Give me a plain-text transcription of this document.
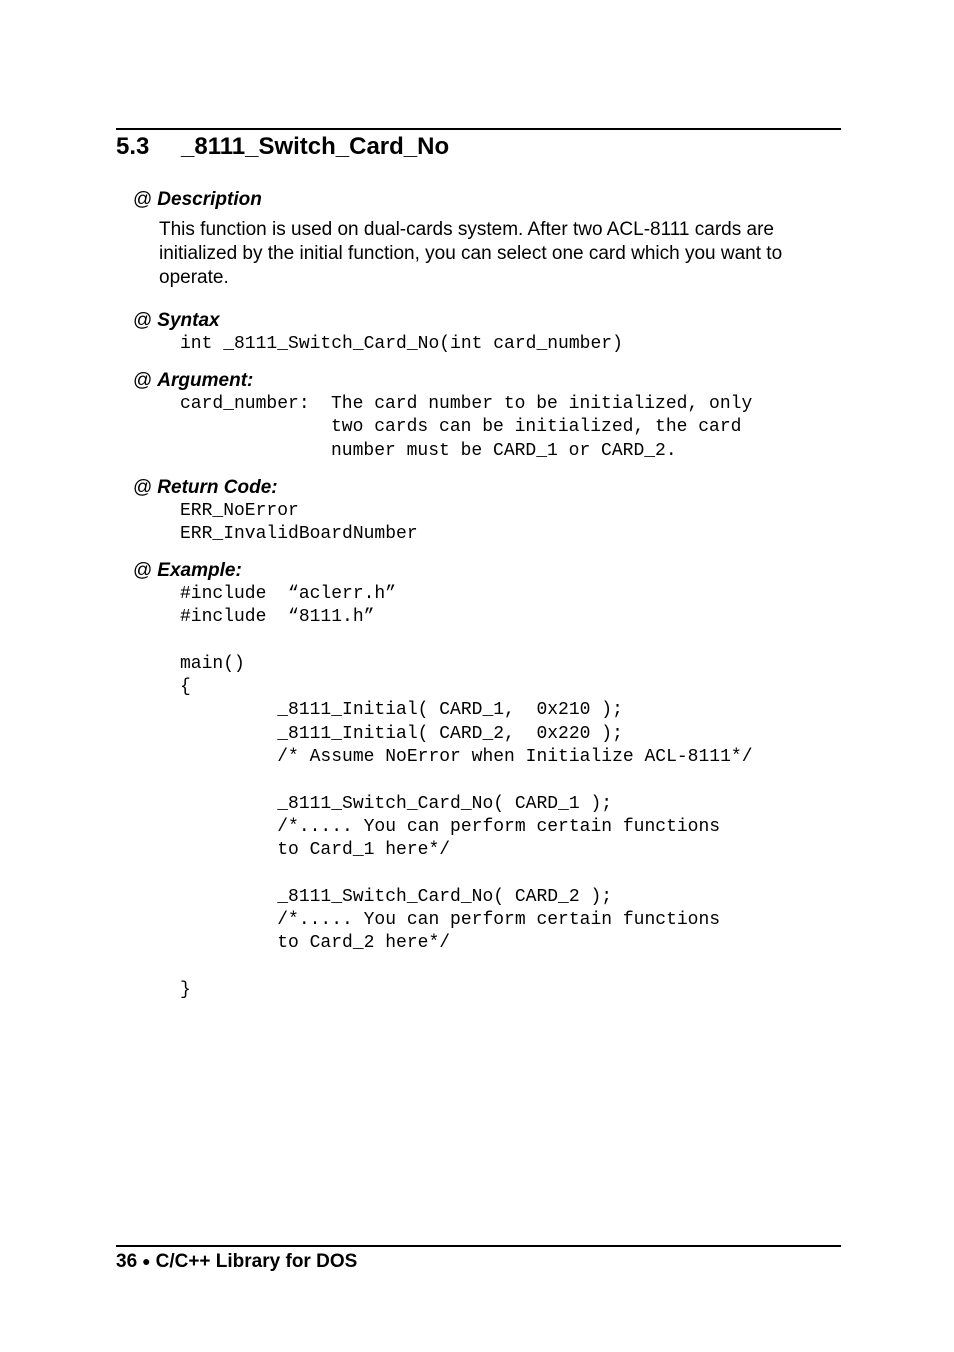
5.3 _8111_Switch_Card_No
@ Description
This function is used on dual-cards system. After two ACL-8111 cards are
initialized by the initial function, you can select one card which you want to
operate.
@ Syntax
int _8111_Switch_Card_No(int card_number)
@ Argument:
card_number: The card number to be initialized, only
two cards can be initialized, the card
number must be CARD_1 or CARD_2.
@ Return Code:
ERR_NoError
ERR_InvalidBoardNumber
@ Example:
#include  “aclerr.h”
#include  “8111.h”

main()
{
_8111_Initial( CARD_1,  0x210 );
_8111_Initial( CARD_2,  0x220 );
/* Assume NoError when Initialize ACL-8111*/

_8111_Switch_Card_No( CARD_1 );
/*..... You can perform certain functions
to Card_1 here*/

_8111_Switch_Card_No( CARD_2 );
/*..... You can perform certain functions
to Card_2 here*/

}
36 ● C/C++ Library for DOS
